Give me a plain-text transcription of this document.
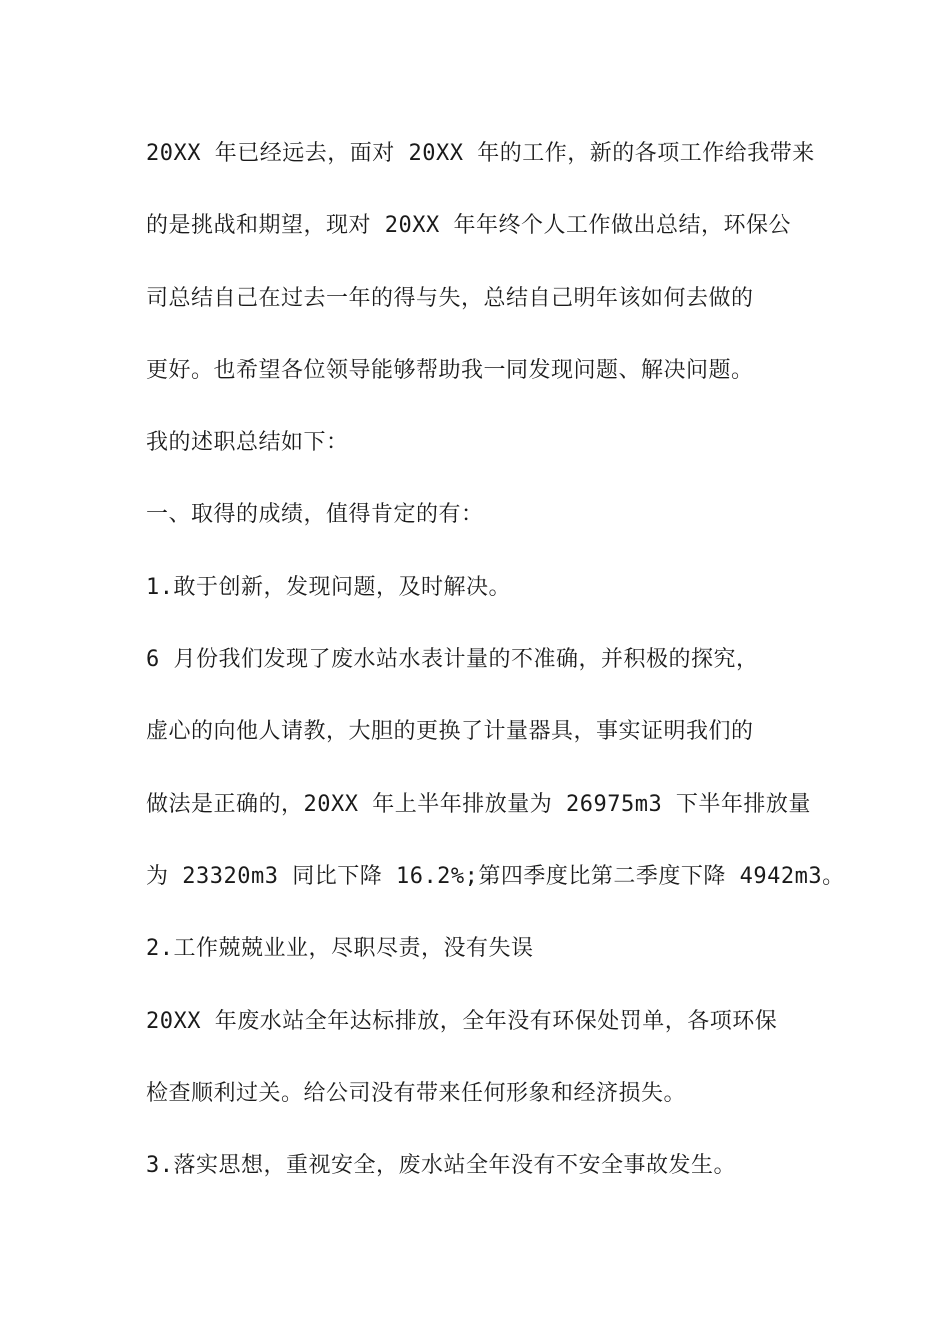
20XX 年已经远去，面对 20XX 年的工作，新的各项工作给我带来
的是挑战和期望，现对 20XX 年年终个人工作做出总结，环保公
司总结自己在过去一年的得与失，总结自己明年该如何去做的
更好。也希望各位领导能够帮助我一同发现问题、解决问题。
我的述职总结如下：
一、取得的成绩，值得肯定的有：
1.敢于创新，发现问题，及时解决。
6 月份我们发现了废水站水表计量的不准确，并积极的探究，
虚心的向他人请教，大胆的更换了计量器具，事实证明我们的
做法是正确的，20XX 年上半年排放量为 26975m3 下半年排放量
为 23320m3 同比下降 16.2%;第四季度比第二季度下降 4942m3。
2.工作兢兢业业，尽职尽责，没有失误
20XX 年废水站全年达标排放，全年没有环保处罚单，各项环保
检查顺利过关。给公司没有带来任何形象和经济损失。
3.落实思想，重视安全，废水站全年没有不安全事故发生。
